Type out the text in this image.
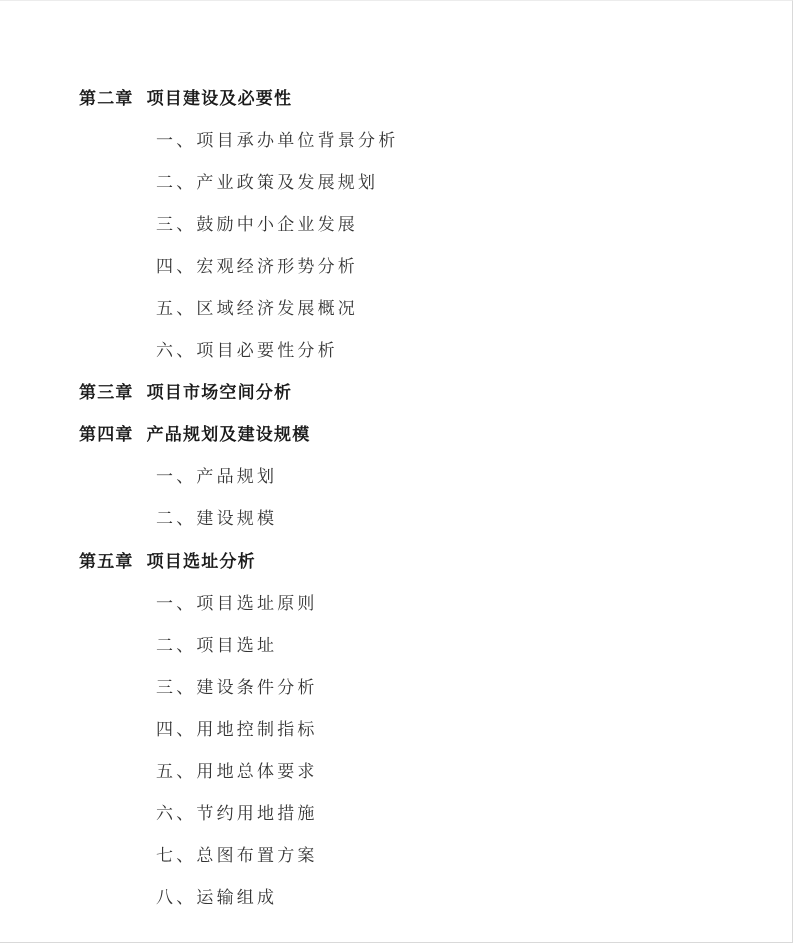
第二章 项目建设及必要性
一、项目承办单位背景分析
二、产业政策及发展规划
三、鼓励中小企业发展
四、宏观经济形势分析
五、区域经济发展概况
六、项目必要性分析
第三章 项目市场空间分析
第四章 产品规划及建设规模
一、产品规划
二、建设规模
第五章 项目选址分析
一、项目选址原则
二、项目选址
三、建设条件分析
四、用地控制指标
五、用地总体要求
六、节约用地措施
七、总图布置方案
八、运输组成
